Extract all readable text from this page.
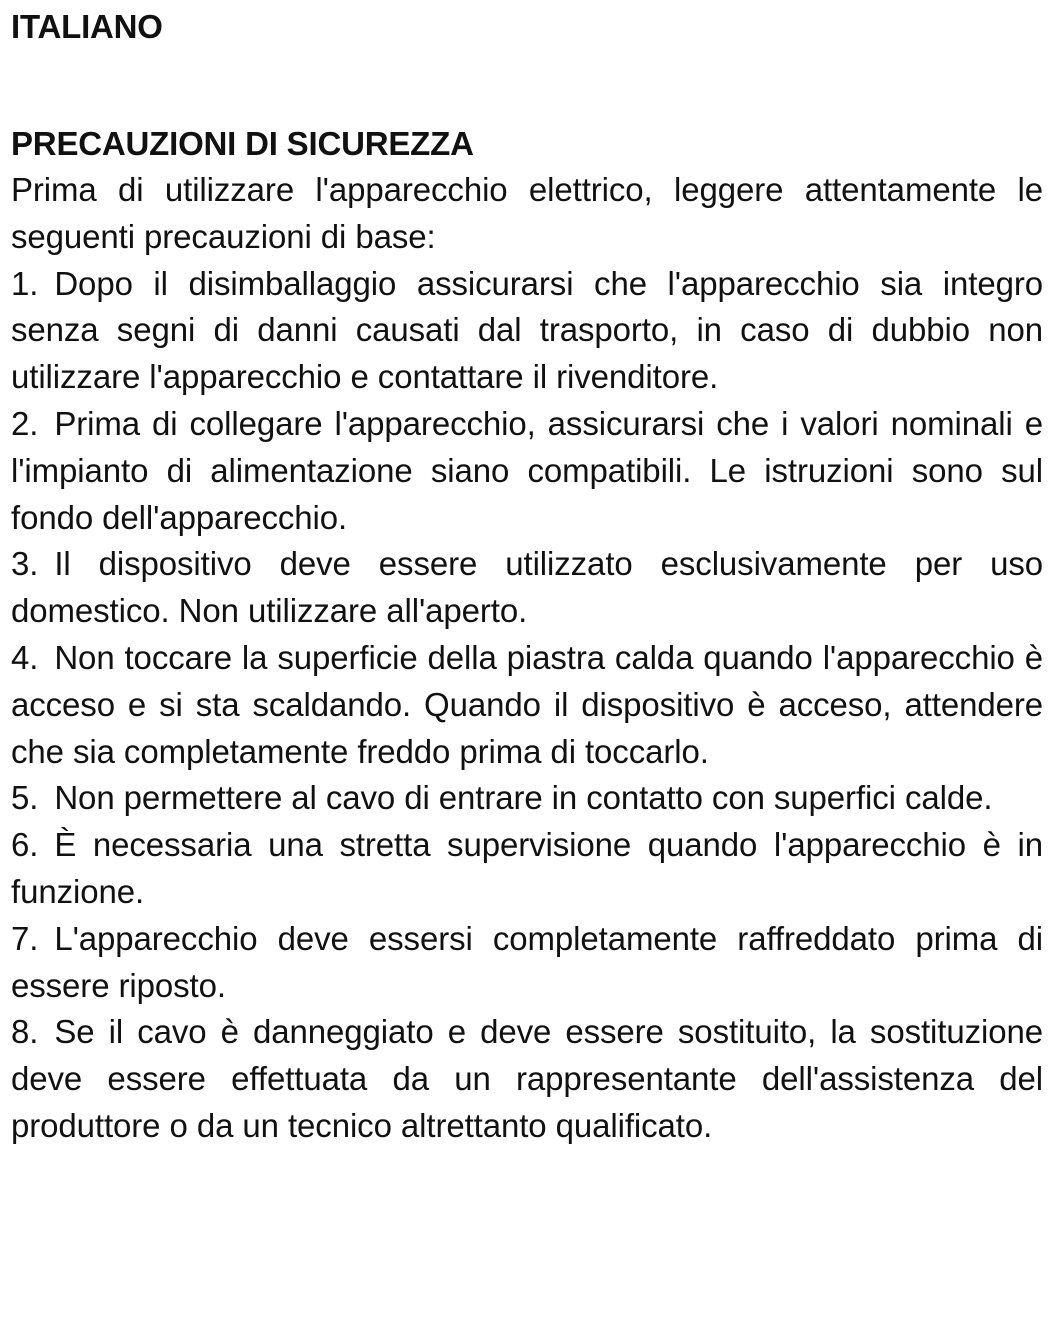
ITALIANO
PRECAUZIONI DI SICUREZZA

Prima di utilizzare l'apparecchio elettrico, leggere attentamente le seguenti precauzioni di base:

1. Dopo il disimballaggio assicurarsi che l'apparecchio sia integro senza segni di danni causati dal trasporto, in caso di dubbio non utilizzare l'apparecchio e contattare il rivenditore.

2. Prima di collegare l'apparecchio, assicurarsi che i valori nominali e l'impianto di alimentazione siano compatibili. Le istruzioni sono sul fondo dell'apparecchio.

3. Il dispositivo deve essere utilizzato esclusivamente per uso domestico. Non utilizzare all'aperto.

4. Non toccare la superficie della piastra calda quando l'apparecchio è acceso e si sta scaldando. Quando il dispositivo è acceso, attendere che sia completamente freddo prima di toccarlo.

5. Non permettere al cavo di entrare in contatto con superfici calde.

6. È necessaria una stretta supervisione quando l'apparecchio è in funzione.

7. L'apparecchio deve essersi completamente raffreddato prima di essere riposto.

8. Se il cavo è danneggiato e deve essere sostituito, la sostituzione deve essere effettuata da un rappresentante dell'assistenza del produttore o da un tecnico altrettanto qualificato.
